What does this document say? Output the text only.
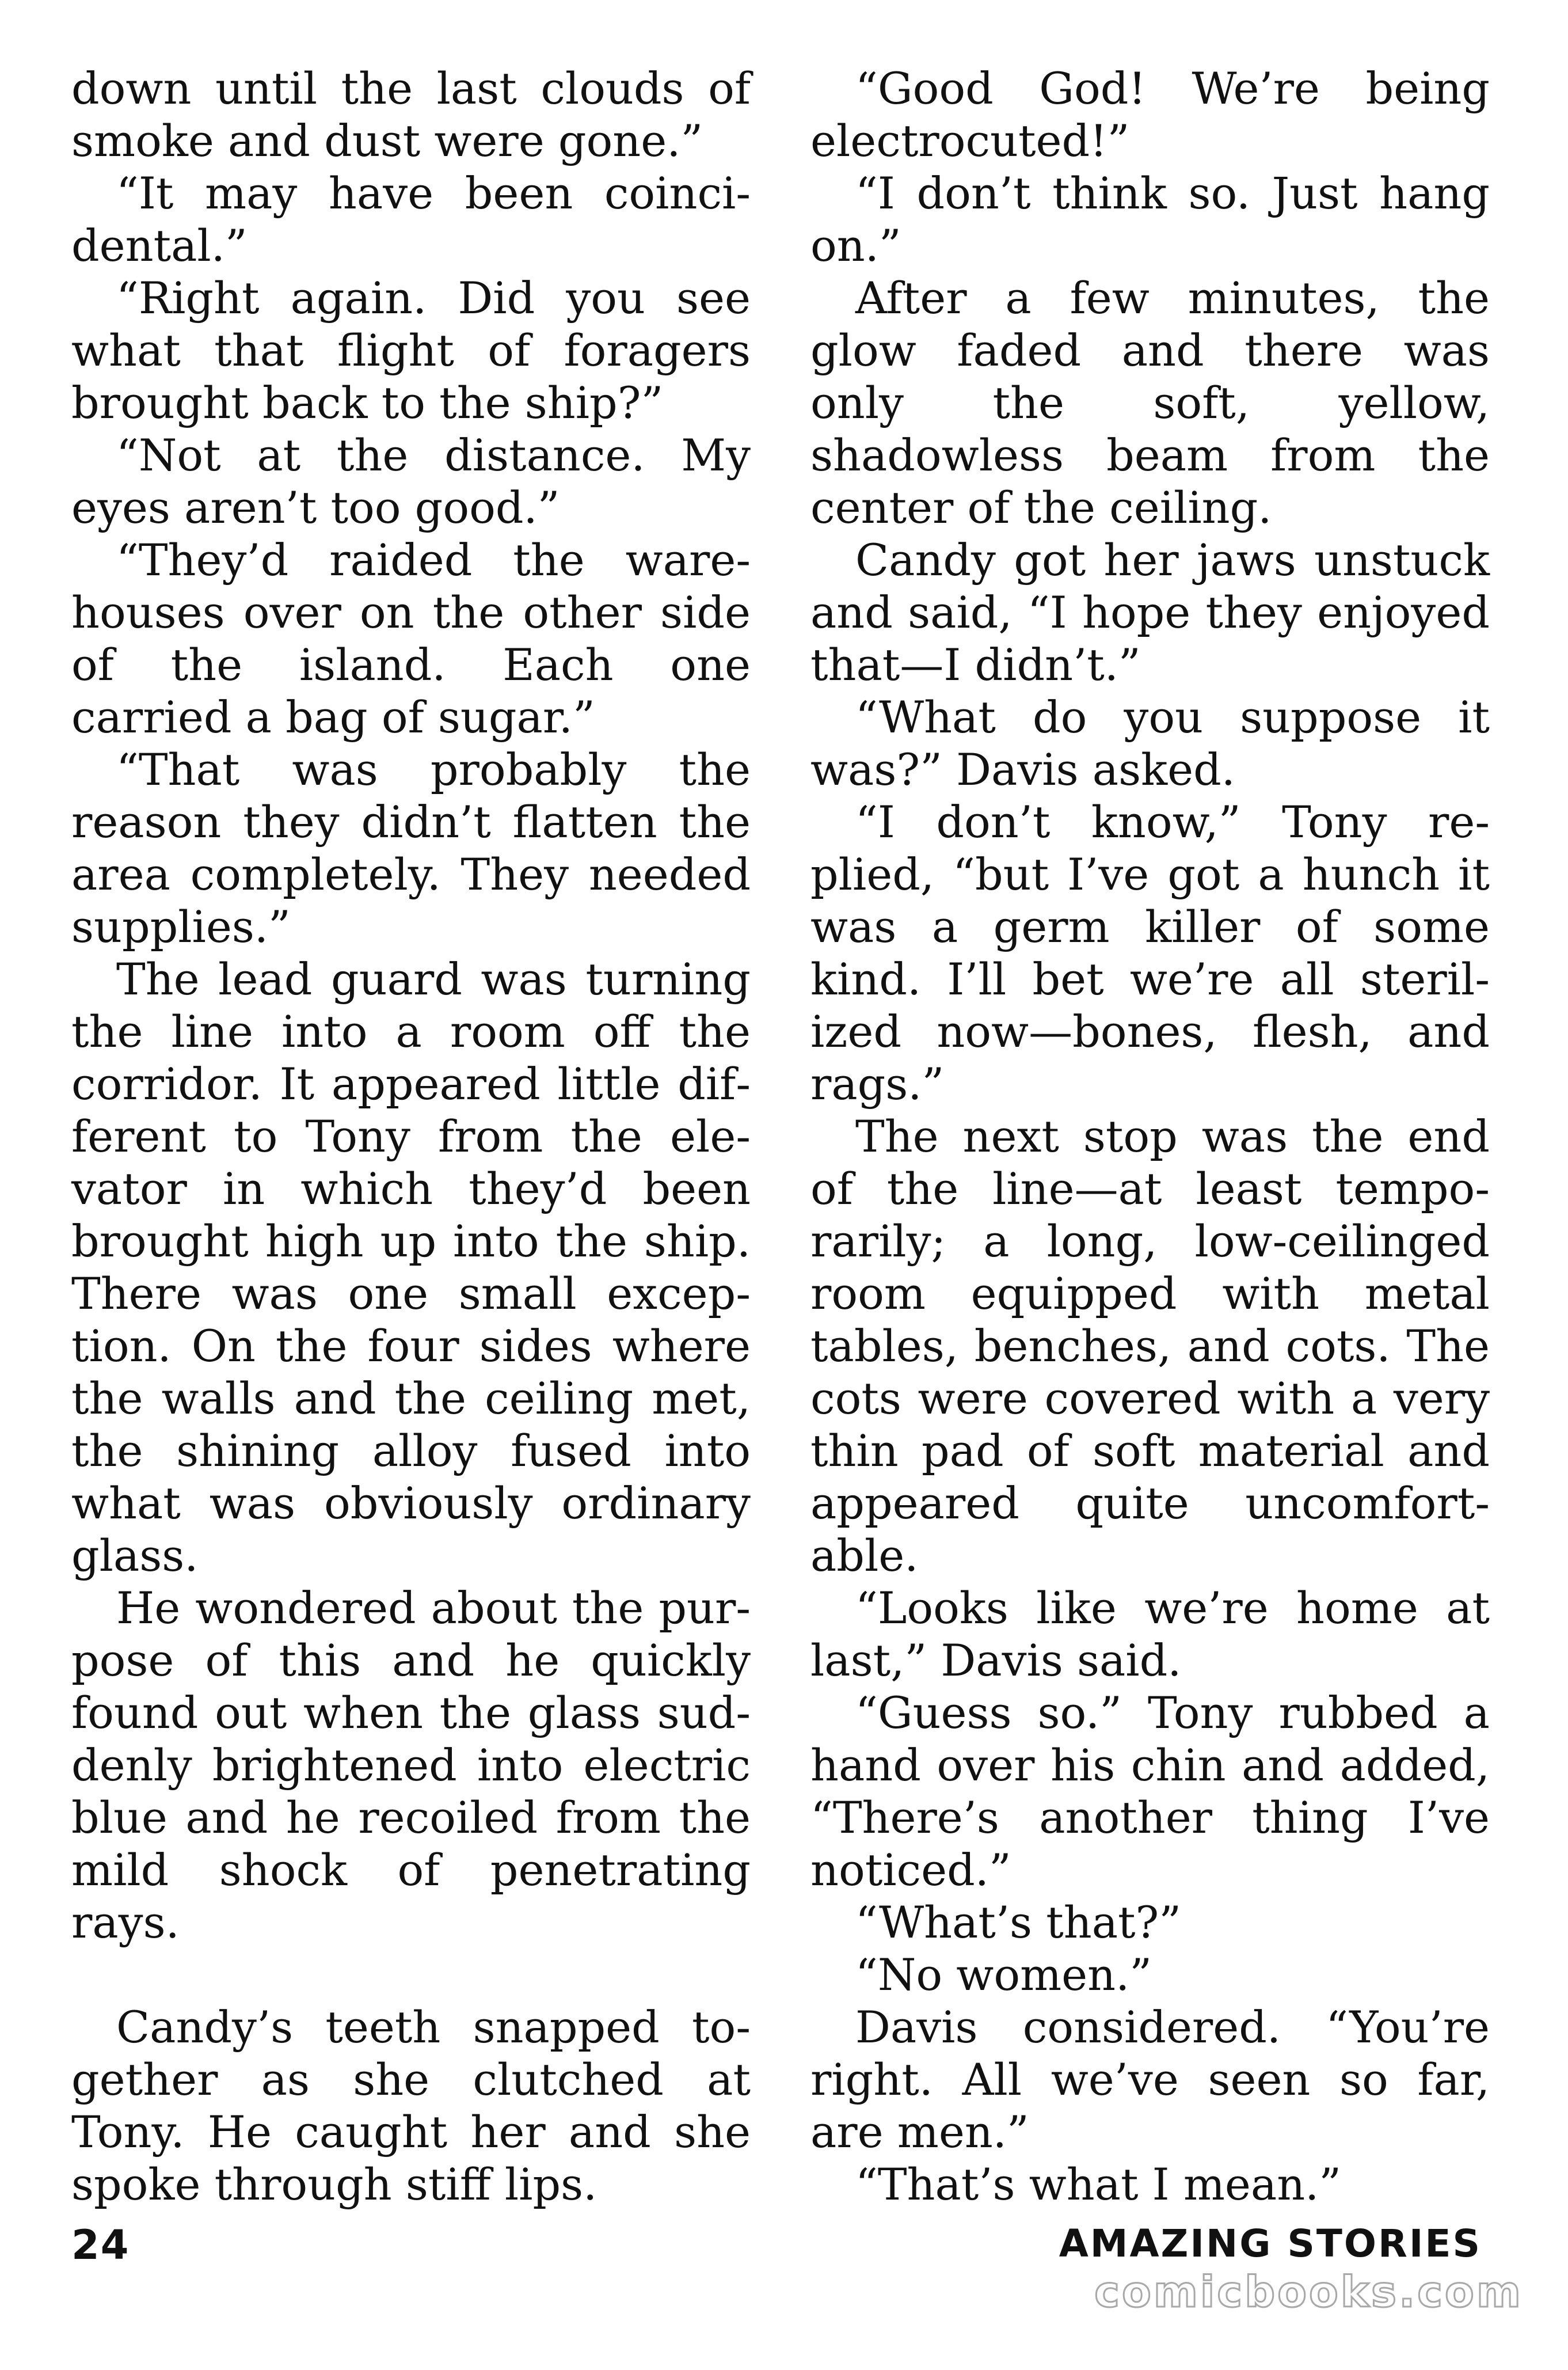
down until the last clouds of smoke and dust were gone.”

“It may have been coincidental.”

“Right again. Did you see what that flight of foragers brought back to the ship?”

“Not at the distance. My eyes aren’t too good.”

“They’d raided the warehouses over on the other side of the island. Each one carried a bag of sugar.”

“That was probably the reason they didn’t flatten the area completely. They needed supplies.”

The lead guard was turning the line into a room off the corridor. It appeared little different to Tony from the elevator in which they’d been brought high up into the ship. There was one small exception. On the four sides where the walls and the ceiling met, the shining alloy fused into what was obviously ordinary glass.

He wondered about the purpose of this and he quickly found out when the glass suddenly brightened into electric blue and he recoiled from the mild shock of penetrating rays.

Candy’s teeth snapped together as she clutched at Tony. He caught her and she spoke through stiff lips.

“Good God! We’re being electrocuted!”

“I don’t think so. Just hang on.”

After a few minutes, the glow faded and there was only the soft, yellow, shadowless beam from the center of the ceiling.

Candy got her jaws unstuck and said, “I hope they enjoyed that—I didn’t.”

“What do you suppose it was?” Davis asked.

“I don’t know,” Tony replied, “but I’ve got a hunch it was a germ killer of some kind. I’ll bet we’re all sterilized now—bones, flesh, and rags.”

The next stop was the end of the line—at least temporarily; a long, low-ceilinged room equipped with metal tables, benches, and cots. The cots were covered with a very thin pad of soft material and appeared quite uncomfortable.

“Looks like we’re home at last,” Davis said.

“Guess so.” Tony rubbed a hand over his chin and added, “There’s another thing I’ve noticed.”

“What’s that?”

“No women.”

Davis considered. “You’re right. All we’ve seen so far, are men.”

“That’s what I mean.”

24	AMAZING STORIES
comicbooks.com
